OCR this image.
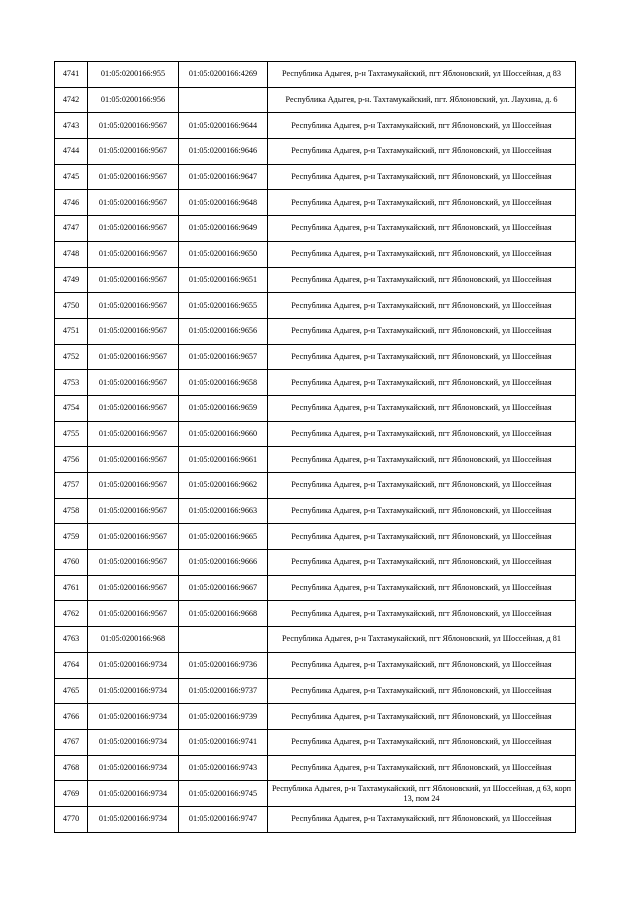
4741	01:05:0200166:955	01:05:0200166:4269	Республика Адыгея, р-н Тахтамукайский, пгт Яблоновский, ул Шоссейная, д 83
4742	01:05:0200166:956		Республика Адыгея, р-н. Тахтамукайский, пгт. Яблоновский, ул. Лаухина, д. 6
4743	01:05:0200166:9567	01:05:0200166:9644	Республика Адыгея, р-н Тахтамукайский, пгт Яблоновский, ул Шоссейная
4744	01:05:0200166:9567	01:05:0200166:9646	Республика Адыгея, р-н Тахтамукайский, пгт Яблоновский, ул Шоссейная
4745	01:05:0200166:9567	01:05:0200166:9647	Республика Адыгея, р-н Тахтамукайский, пгт Яблоновский, ул Шоссейная
4746	01:05:0200166:9567	01:05:0200166:9648	Республика Адыгея, р-н Тахтамукайский, пгт Яблоновский, ул Шоссейная
4747	01:05:0200166:9567	01:05:0200166:9649	Республика Адыгея, р-н Тахтамукайский, пгт Яблоновский, ул Шоссейная
4748	01:05:0200166:9567	01:05:0200166:9650	Республика Адыгея, р-н Тахтамукайский, пгт Яблоновский, ул Шоссейная
4749	01:05:0200166:9567	01:05:0200166:9651	Республика Адыгея, р-н Тахтамукайский, пгт Яблоновский, ул Шоссейная
4750	01:05:0200166:9567	01:05:0200166:9655	Республика Адыгея, р-н Тахтамукайский, пгт Яблоновский, ул Шоссейная
4751	01:05:0200166:9567	01:05:0200166:9656	Республика Адыгея, р-н Тахтамукайский, пгт Яблоновский, ул Шоссейная
4752	01:05:0200166:9567	01:05:0200166:9657	Республика Адыгея, р-н Тахтамукайский, пгт Яблоновский, ул Шоссейная
4753	01:05:0200166:9567	01:05:0200166:9658	Республика Адыгея, р-н Тахтамукайский, пгт Яблоновский, ул Шоссейная
4754	01:05:0200166:9567	01:05:0200166:9659	Республика Адыгея, р-н Тахтамукайский, пгт Яблоновский, ул Шоссейная
4755	01:05:0200166:9567	01:05:0200166:9660	Республика Адыгея, р-н Тахтамукайский, пгт Яблоновский, ул Шоссейная
4756	01:05:0200166:9567	01:05:0200166:9661	Республика Адыгея, р-н Тахтамукайский, пгт Яблоновский, ул Шоссейная
4757	01:05:0200166:9567	01:05:0200166:9662	Республика Адыгея, р-н Тахтамукайский, пгт Яблоновский, ул Шоссейная
4758	01:05:0200166:9567	01:05:0200166:9663	Республика Адыгея, р-н Тахтамукайский, пгт Яблоновский, ул Шоссейная
4759	01:05:0200166:9567	01:05:0200166:9665	Республика Адыгея, р-н Тахтамукайский, пгт Яблоновский, ул Шоссейная
4760	01:05:0200166:9567	01:05:0200166:9666	Республика Адыгея, р-н Тахтамукайский, пгт Яблоновский, ул Шоссейная
4761	01:05:0200166:9567	01:05:0200166:9667	Республика Адыгея, р-н Тахтамукайский, пгт Яблоновский, ул Шоссейная
4762	01:05:0200166:9567	01:05:0200166:9668	Республика Адыгея, р-н Тахтамукайский, пгт Яблоновский, ул Шоссейная
4763	01:05:0200166:968		Республика Адыгея, р-н Тахтамукайский, пгт Яблоновский, ул Шоссейная, д 81
4764	01:05:0200166:9734	01:05:0200166:9736	Республика Адыгея, р-н Тахтамукайский, пгт Яблоновский, ул Шоссейная
4765	01:05:0200166:9734	01:05:0200166:9737	Республика Адыгея, р-н Тахтамукайский, пгт Яблоновский, ул Шоссейная
4766	01:05:0200166:9734	01:05:0200166:9739	Республика Адыгея, р-н Тахтамукайский, пгт Яблоновский, ул Шоссейная
4767	01:05:0200166:9734	01:05:0200166:9741	Республика Адыгея, р-н Тахтамукайский, пгт Яблоновский, ул Шоссейная
4768	01:05:0200166:9734	01:05:0200166:9743	Республика Адыгея, р-н Тахтамукайский, пгт Яблоновский, ул Шоссейная
4769	01:05:0200166:9734	01:05:0200166:9745	Республика Адыгея, р-н Тахтамукайский, пгт Яблоновский, ул Шоссейная, д 63, корп 13, пом 24
4770	01:05:0200166:9734	01:05:0200166:9747	Республика Адыгея, р-н Тахтамукайский, пгт Яблоновский, ул Шоссейная
